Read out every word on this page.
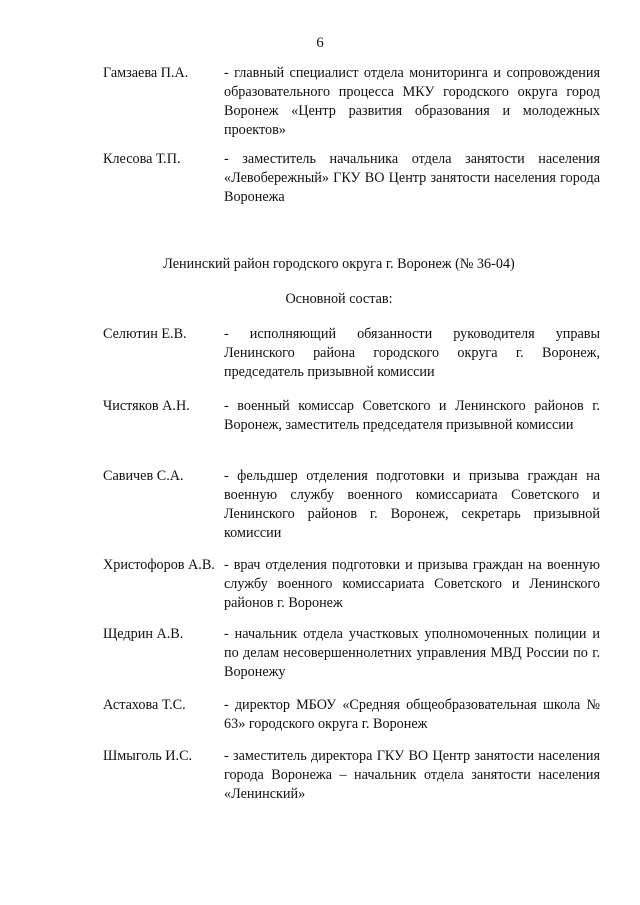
6
Гамзаева П.А.	- главный специалист отдела мониторинга и сопровождения образовательного процесса МКУ городского округа город Воронеж «Центр развития образования и молодежных проектов»
Клесова Т.П.	- заместитель начальника отдела занятости населения «Левобережный» ГКУ ВО Центр занятости населения города Воронежа
Ленинский район городского округа г. Воронеж (№ 36-04)
Основной состав:
Селютин Е.В.	- исполняющий обязанности руководителя управы Ленинского района городского округа г. Воронеж, председатель призывной комиссии
Чистяков А.Н. - военный комиссар Советского и Ленинского районов г. Воронеж, заместитель председателя призывной комиссии
Савичев С.А.	- фельдшер отделения подготовки и призыва граждан на военную службу военного комиссариата Советского и Ленинского районов г. Воронеж, секретарь призывной комиссии
Христофоров А.В. - врач отделения подготовки и призыва граждан на военную службу военного комиссариата Советского и Ленинского районов г. Воронеж
Щедрин А.В.	- начальник отдела участковых уполномоченных полиции и по делам несовершеннолетних управления МВД России по г. Воронежу
Астахова Т.С.	- директор МБОУ «Средняя общеобразовательная школа № 63» городского округа г. Воронеж
Шмыголь И.С. - заместитель директора ГКУ ВО Центр занятости населения города Воронежа – начальник отдела занятости населения «Ленинский»
